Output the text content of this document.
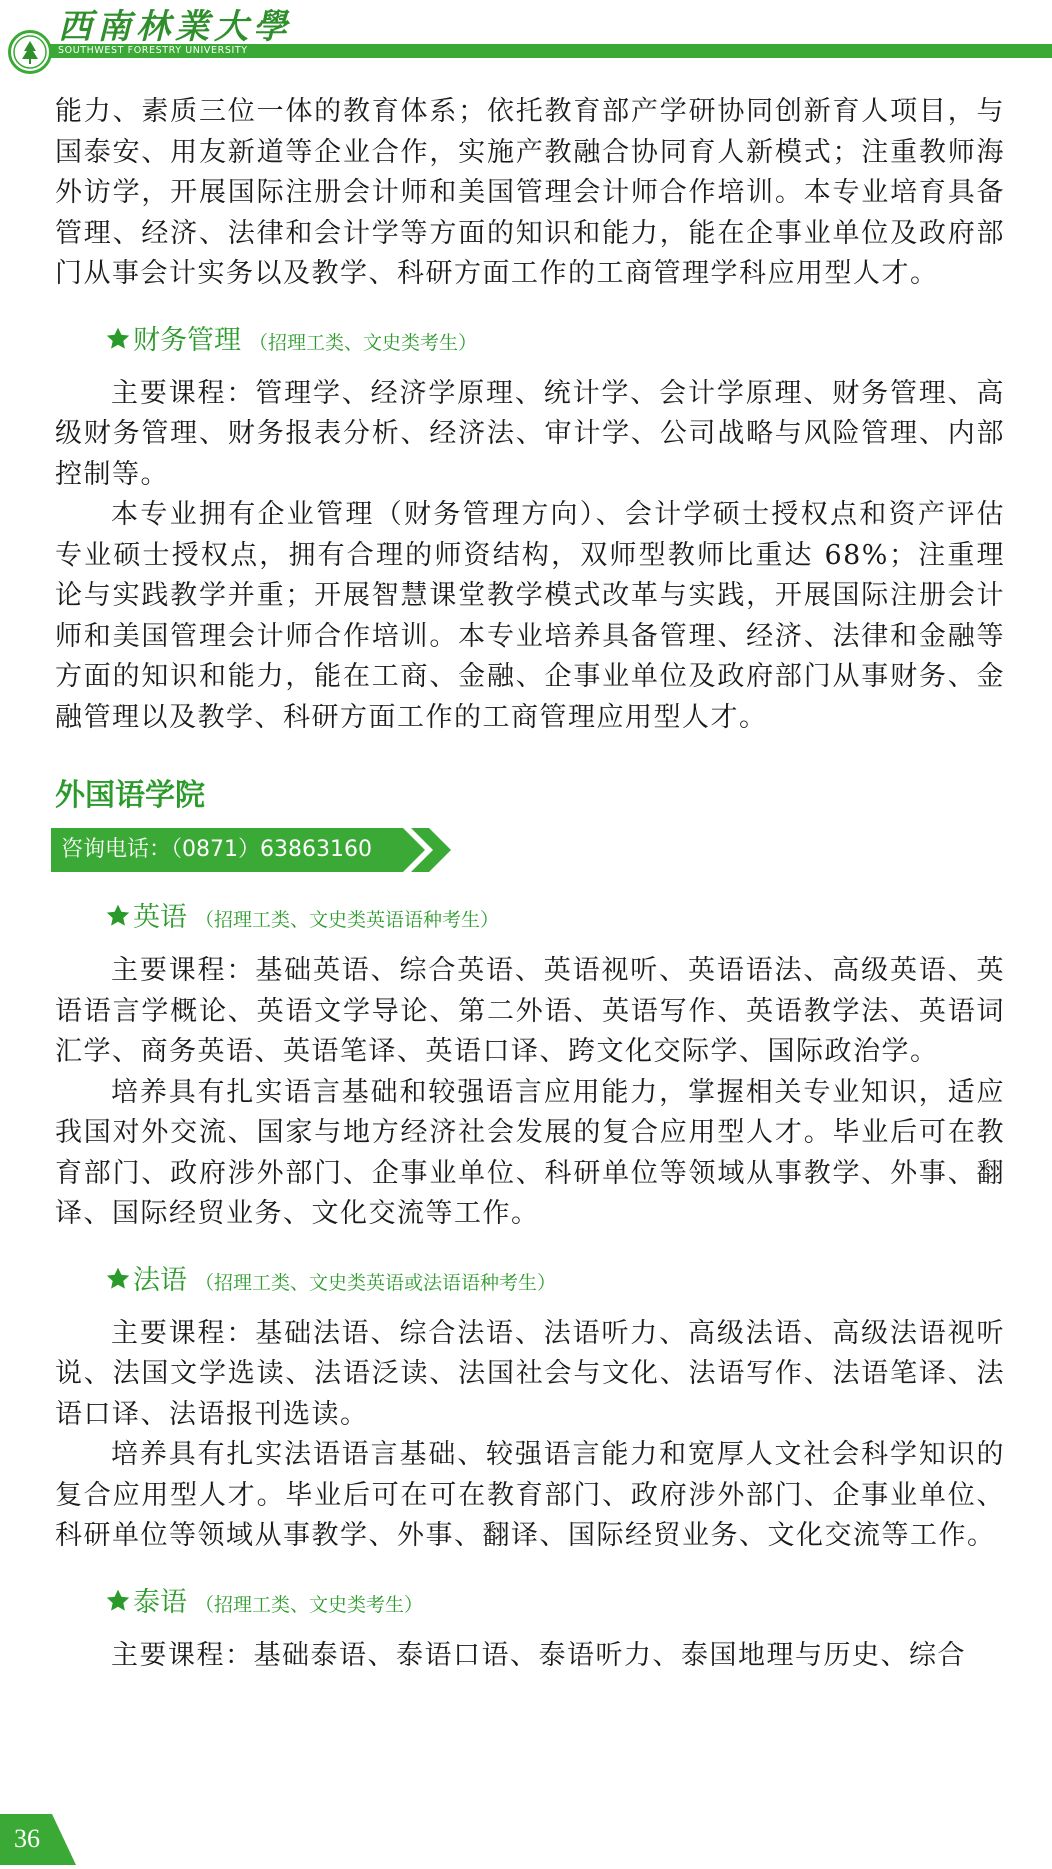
西南林業大學
SOUTHWEST FORESTRY UNIVERSITY

能力、素质三位一体的教育体系；依托教育部产学研协同创新育人项目，与国泰安、用友新道等企业合作，实施产教融合协同育人新模式；注重教师海外访学，开展国际注册会计师和美国管理会计师合作培训。本专业培育具备管理、经济、法律和会计学等方面的知识和能力，能在企事业单位及政府部门从事会计实务以及教学、科研方面工作的工商管理学科应用型人才。

财务管理 （招理工类、文史类考生）

主要课程：管理学、经济学原理、统计学、会计学原理、财务管理、高级财务管理、财务报表分析、经济法、审计学、公司战略与风险管理、内部控制等。

本专业拥有企业管理（财务管理方向）、会计学硕士授权点和资产评估专业硕士授权点，拥有合理的师资结构，双师型教师比重达 68%；注重理论与实践教学并重；开展智慧课堂教学模式改革与实践，开展国际注册会计师和美国管理会计师合作培训。本专业培养具备管理、经济、法律和金融等方面的知识和能力，能在工商、金融、企事业单位及政府部门从事财务、金融管理以及教学、科研方面工作的工商管理应用型人才。

外国语学院
咨询电话：（0871）63863160
英语 （招理工类、文史类英语语种考生）

主要课程：基础英语、综合英语、英语视听、英语语法、高级英语、英语语言学概论、英语文学导论、第二外语、英语写作、英语教学法、英语词汇学、商务英语、英语笔译、英语口译、跨文化交际学、国际政治学。

培养具有扎实语言基础和较强语言应用能力，掌握相关专业知识，适应我国对外交流、国家与地方经济社会发展的复合应用型人才。毕业后可在教育部门、政府涉外部门、企事业单位、科研单位等领域从事教学、外事、翻译、国际经贸业务、文化交流等工作。

法语 （招理工类、文史类英语或法语语种考生）

主要课程：基础法语、综合法语、法语听力、高级法语、高级法语视听说、法国文学选读、法语泛读、法国社会与文化、法语写作、法语笔译、法语口译、法语报刊选读。

培养具有扎实法语语言基础、较强语言能力和宽厚人文社会科学知识的复合应用型人才。毕业后可在可在教育部门、政府涉外部门、企事业单位、科研单位等领域从事教学、外事、翻译、国际经贸业务、文化交流等工作。

泰语 （招理工类、文史类考生）

主要课程：基础泰语、泰语口语、泰语听力、泰国地理与历史、综合

36
